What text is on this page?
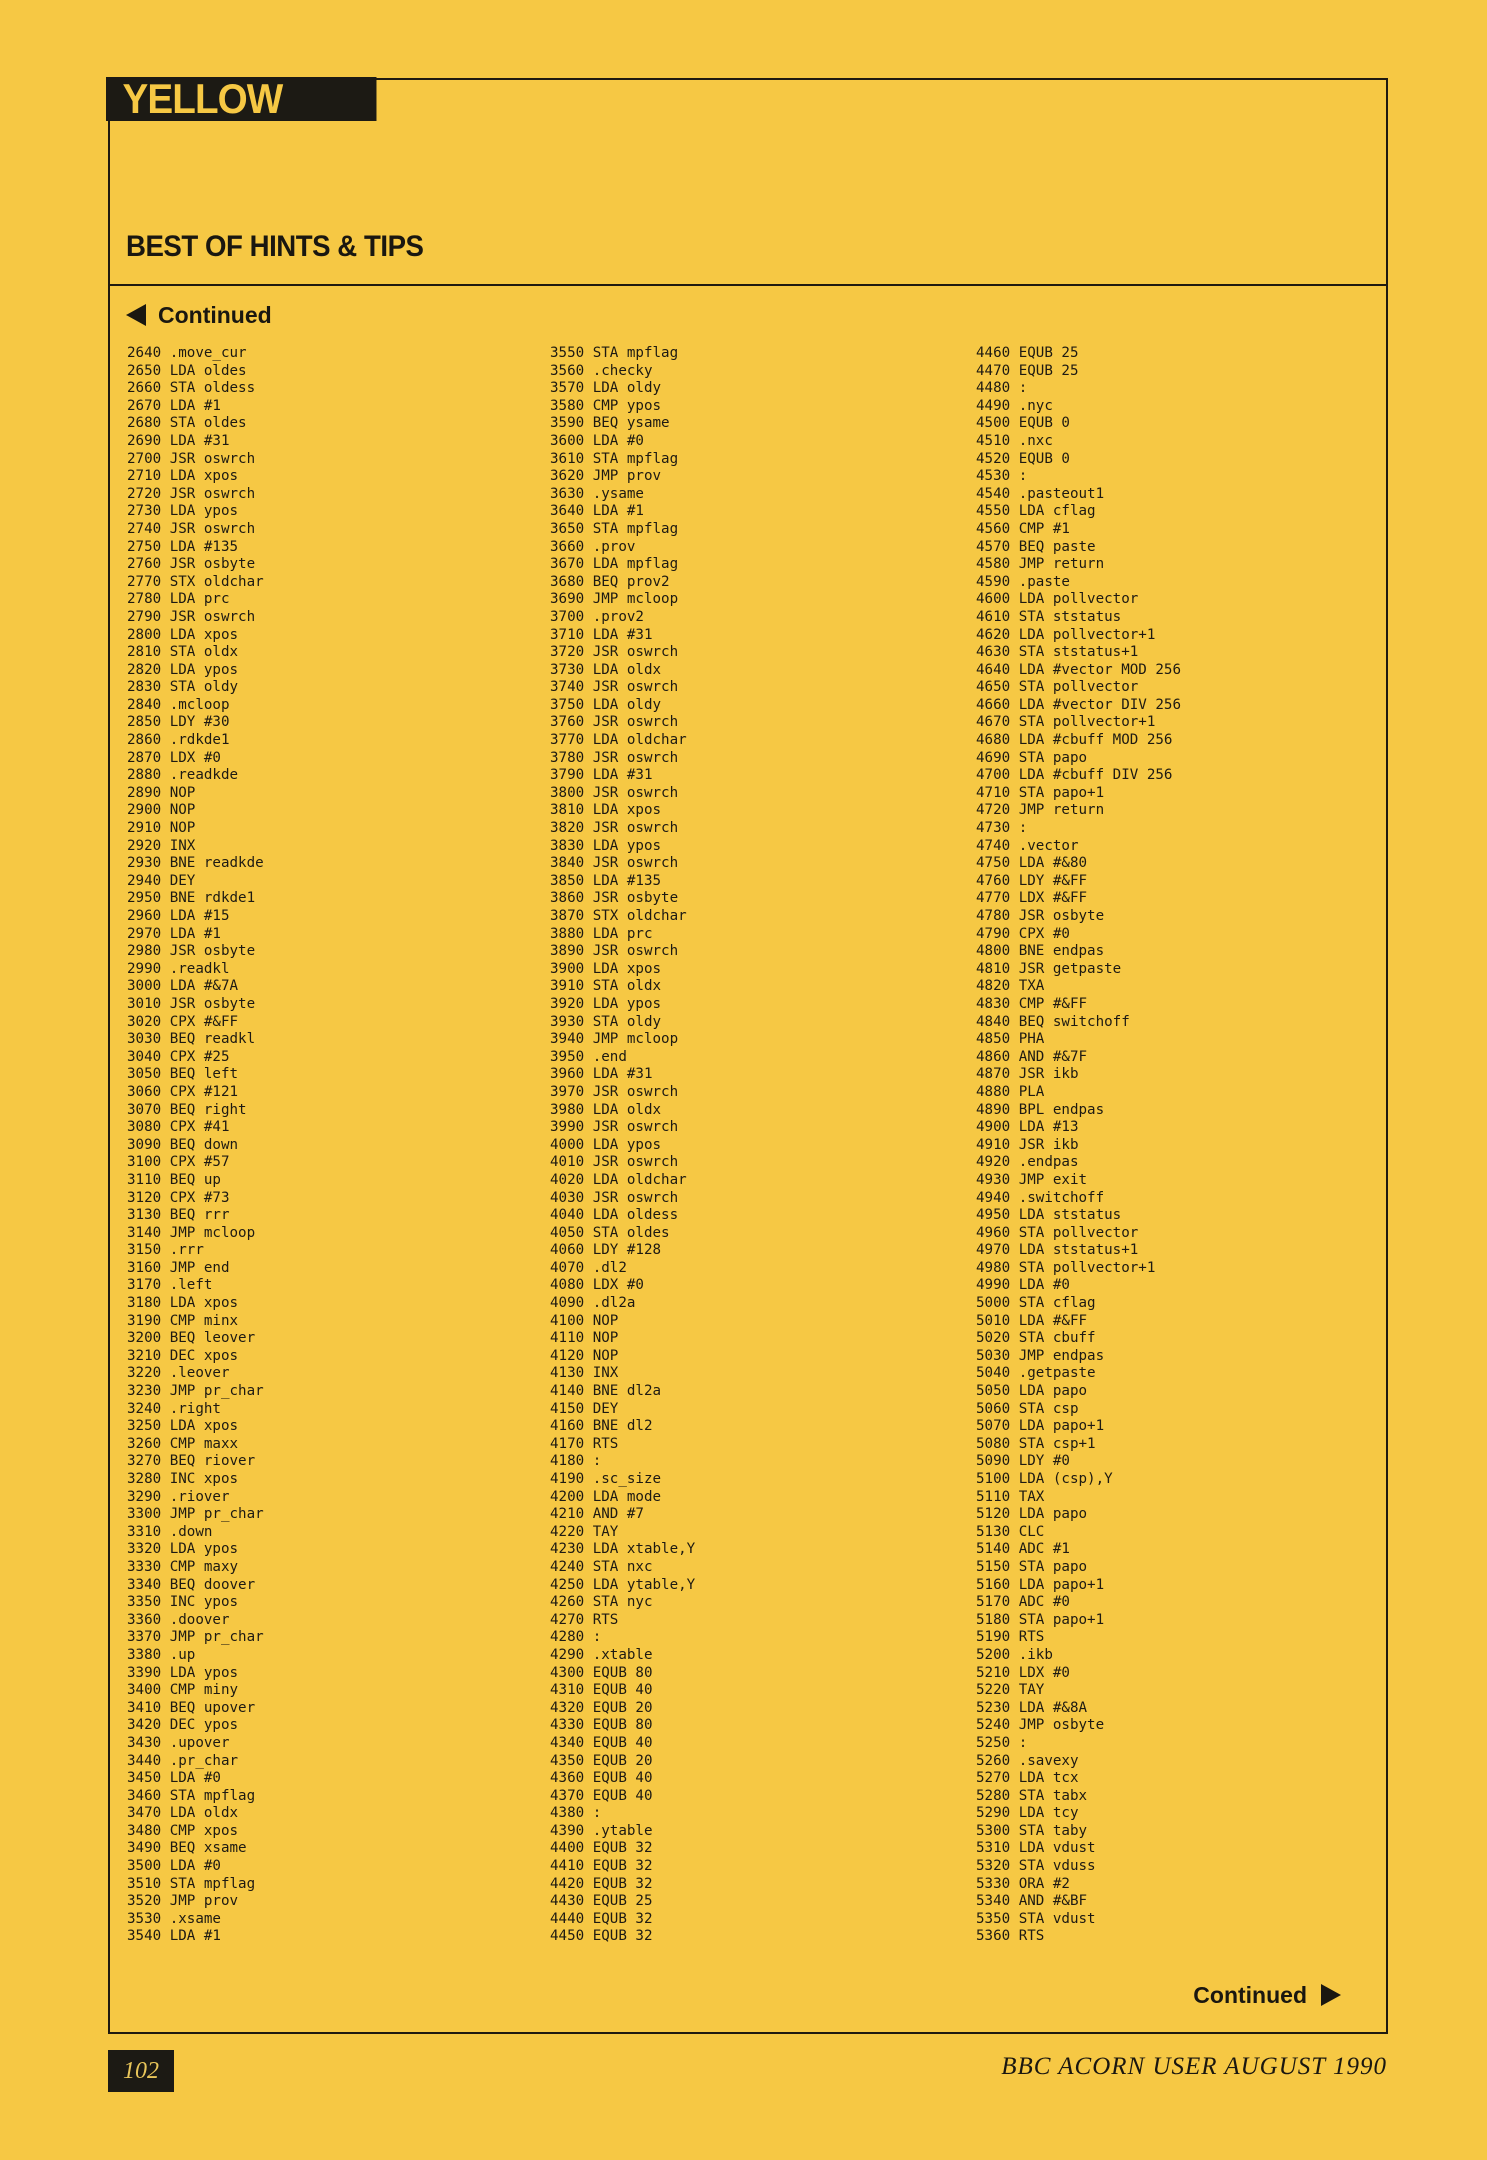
YELLOW PAGES
BEST OF HINTS & TIPS
Continued
2640 .move_cur
2650 LDA oldes
2660 STA oldess
2670 LDA #1
2680 STA oldes
2690 LDA #31
2700 JSR oswrch
2710 LDA xpos
2720 JSR oswrch
2730 LDA ypos
2740 JSR oswrch
2750 LDA #135
2760 JSR osbyte
2770 STX oldchar
2780 LDA prc
2790 JSR oswrch
2800 LDA xpos
2810 STA oldx
2820 LDA ypos
2830 STA oldy
2840 .mcloop
2850 LDY #30
2860 .rdkde1
2870 LDX #0
2880 .readkde
2890 NOP
2900 NOP
2910 NOP
2920 INX
2930 BNE readkde
2940 DEY
2950 BNE rdkde1
2960 LDA #15
2970 LDA #1
2980 JSR osbyte
2990 .readkl
3000 LDA #&7A
3010 JSR osbyte
3020 CPX #&FF
3030 BEQ readkl
3040 CPX #25
3050 BEQ left
3060 CPX #121
3070 BEQ right
3080 CPX #41
3090 BEQ down
3100 CPX #57
3110 BEQ up
3120 CPX #73
3130 BEQ rrr
3140 JMP mcloop
3150 .rrr
3160 JMP end
3170 .left
3180 LDA xpos
3190 CMP minx
3200 BEQ leover
3210 DEC xpos
3220 .leover
3230 JMP pr_char
3240 .right
3250 LDA xpos
3260 CMP maxx
3270 BEQ riover
3280 INC xpos
3290 .riover
3300 JMP pr_char
3310 .down
3320 LDA ypos
3330 CMP maxy
3340 BEQ doover
3350 INC ypos
3360 .doover
3370 JMP pr_char
3380 .up
3390 LDA ypos
3400 CMP miny
3410 BEQ upover
3420 DEC ypos
3430 .upover
3440 .pr_char
3450 LDA #0
3460 STA mpflag
3470 LDA oldx
3480 CMP xpos
3490 BEQ xsame
3500 LDA #0
3510 STA mpflag
3520 JMP prov
3530 .xsame
3540 LDA #1
3550 STA mpflag
3560 .checky
3570 LDA oldy
3580 CMP ypos
3590 BEQ ysame
3600 LDA #0
3610 STA mpflag
3620 JMP prov
3630 .ysame
3640 LDA #1
3650 STA mpflag
3660 .prov
3670 LDA mpflag
3680 BEQ prov2
3690 JMP mcloop
3700 .prov2
3710 LDA #31
3720 JSR oswrch
3730 LDA oldx
3740 JSR oswrch
3750 LDA oldy
3760 JSR oswrch
3770 LDA oldchar
3780 JSR oswrch
3790 LDA #31
3800 JSR oswrch
3810 LDA xpos
3820 JSR oswrch
3830 LDA ypos
3840 JSR oswrch
3850 LDA #135
3860 JSR osbyte
3870 STX oldchar
3880 LDA prc
3890 JSR oswrch
3900 LDA xpos
3910 STA oldx
3920 LDA ypos
3930 STA oldy
3940 JMP mcloop
3950 .end
3960 LDA #31
3970 JSR oswrch
3980 LDA oldx
3990 JSR oswrch
4000 LDA ypos
4010 JSR oswrch
4020 LDA oldchar
4030 JSR oswrch
4040 LDA oldess
4050 STA oldes
4060 LDY #128
4070 .dl2
4080 LDX #0
4090 .dl2a
4100 NOP
4110 NOP
4120 NOP
4130 INX
4140 BNE dl2a
4150 DEY
4160 BNE dl2
4170 RTS
4180 :
4190 .sc_size
4200 LDA mode
4210 AND #7
4220 TAY
4230 LDA xtable,Y
4240 STA nxc
4250 LDA ytable,Y
4260 STA nyc
4270 RTS
4280 :
4290 .xtable
4300 EQUB 80
4310 EQUB 40
4320 EQUB 20
4330 EQUB 80
4340 EQUB 40
4350 EQUB 20
4360 EQUB 40
4370 EQUB 40
4380 :
4390 .ytable
4400 EQUB 32
4410 EQUB 32
4420 EQUB 32
4430 EQUB 25
4440 EQUB 32
4450 EQUB 32
4460 EQUB 25
4470 EQUB 25
4480 :
4490 .nyc
4500 EQUB 0
4510 .nxc
4520 EQUB 0
4530 :
4540 .pasteout1
4550 LDA cflag
4560 CMP #1
4570 BEQ paste
4580 JMP return
4590 .paste
4600 LDA pollvector
4610 STA ststatus
4620 LDA pollvector+1
4630 STA ststatus+1
4640 LDA #vector MOD 256
4650 STA pollvector
4660 LDA #vector DIV 256
4670 STA pollvector+1
4680 LDA #cbuff MOD 256
4690 STA papo
4700 LDA #cbuff DIV 256
4710 STA papo+1
4720 JMP return
4730 :
4740 .vector
4750 LDA #&80
4760 LDY #&FF
4770 LDX #&FF
4780 JSR osbyte
4790 CPX #0
4800 BNE endpas
4810 JSR getpaste
4820 TXA
4830 CMP #&FF
4840 BEQ switchoff
4850 PHA
4860 AND #&7F
4870 JSR ikb
4880 PLA
4890 BPL endpas
4900 LDA #13
4910 JSR ikb
4920 .endpas
4930 JMP exit
4940 .switchoff
4950 LDA ststatus
4960 STA pollvector
4970 LDA ststatus+1
4980 STA pollvector+1
4990 LDA #0
5000 STA cflag
5010 LDA #&FF
5020 STA cbuff
5030 JMP endpas
5040 .getpaste
5050 LDA papo
5060 STA csp
5070 LDA papo+1
5080 STA csp+1
5090 LDY #0
5100 LDA (csp),Y
5110 TAX
5120 LDA papo
5130 CLC
5140 ADC #1
5150 STA papo
5160 LDA papo+1
5170 ADC #0
5180 STA papo+1
5190 RTS
5200 .ikb
5210 LDX #0
5220 TAY
5230 LDA #&8A
5240 JMP osbyte
5250 :
5260 .savexy
5270 LDA tcx
5280 STA tabx
5290 LDA tcy
5300 STA taby
5310 LDA vdust
5320 STA vduss
5330 ORA #2
5340 AND #&BF
5350 STA vdust
5360 RTS
Continued
102	BBC ACORN USER AUGUST 1990
